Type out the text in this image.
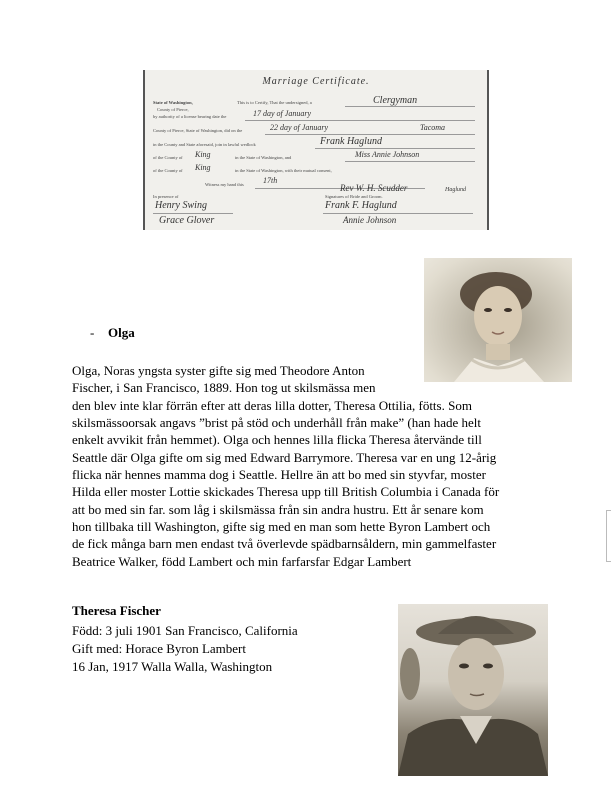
Marriage Certificate.
State of Washington,
County of Pierce,
This is to Certify, That the undersigned, a	Clergyman
by authority of a license bearing date the	17 day of January
County of Pierce, State of Washington, did on the	22 day of January	Tacoma
in the County and State aforesaid, join in lawful wedlock	Frank Haglund
of the County of King	in the State of Washington, and	Miss Annie Johnson
of the County of King	in the State of Washington, with their mutual consent,
Witness my hand this 17th
Rev W. H. Scudder
In presence of	Signatures of Bride and Groom.
Haglund
Henry Swing	Frank F. Haglund
Grace Glover	Annie Johnson
- Olga
Olga, Noras yngsta syster gifte sig med Theodore Anton
Fischer, i San Francisco, 1889. Hon tog ut skilsmässa men
den blev inte klar förrän efter att deras lilla dotter, Theresa Ottilia, fötts. Som
skilsmässoorsak angavs ”brist på stöd och underhåll från make” (han hade helt
enkelt avvikit från hemmet). Olga och hennes lilla flicka Theresa återvände till
Seattle där Olga gifte om sig med Edward Barrymore. Theresa var en ung 12-årig
flicka när hennes mamma dog i Seattle. Hellre än att bo med sin styvfar, moster
Hilda eller moster Lottie skickades Theresa upp till British Columbia i Canada för
att bo med sin far. som låg i skilsmässa från sin andra hustru. Ett år senare kom
hon tillbaka till Washington, gifte sig med en man som hette Byron Lambert och
de fick många barn men endast två överlevde spädbarnsåldern, min gammelfaster
Beatrice Walker, född Lambert och min farfarsfar Edgar Lambert
Theresa Fischer
Född: 3 juli 1901 San Francisco, California
Gift med: Horace Byron Lambert
16 Jan, 1917 Walla Walla, Washington
